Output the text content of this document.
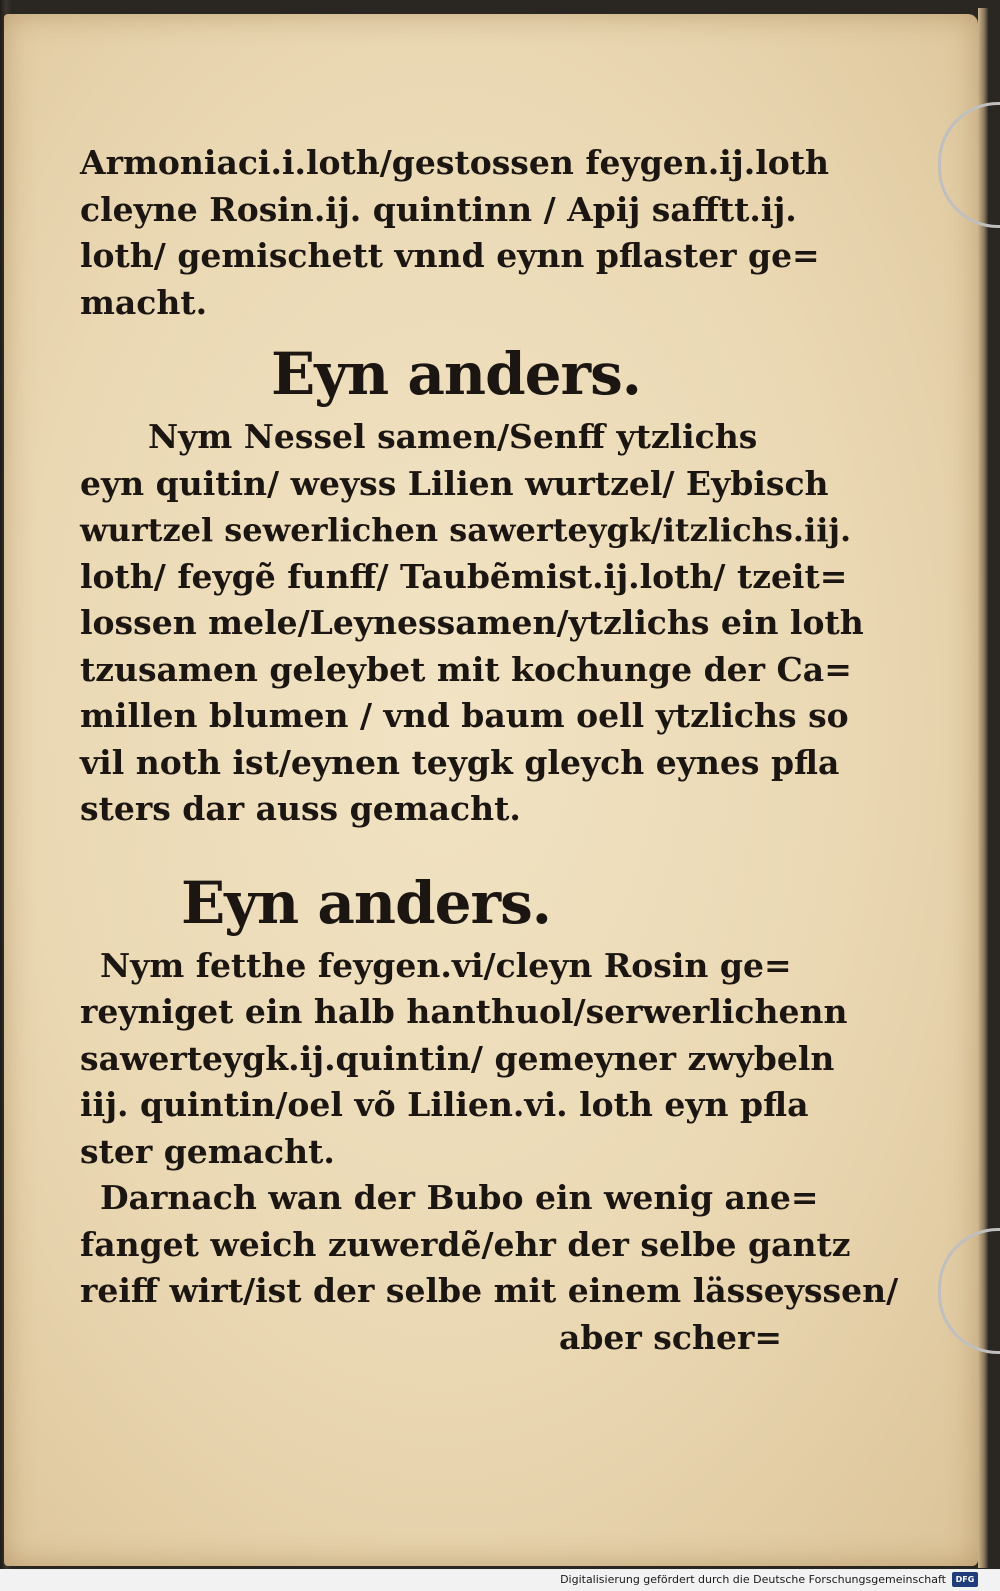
Armoniaci.i.loth/gestossen feygen.ij.loth
cleyne Rosin.ij. quintinn / Apij safftt.ij.
loth/ gemischett vnnd eynn pflaster ge=
macht.
Eyn anders.
Nym Nessel samen/Senff ytzlichs
eyn quitin/ weyss Lilien wurtzel/ Eybisch
wurtzel sewerlichen sawerteygk/itzlichs.iij.
loth/ feygẽ funff/ Taubẽmist.ij.loth/ tzeit=
lossen mele/Leynessamen/ytzlichs ein loth
tzusamen geleybet mit kochunge der Ca=
millen blumen / vnd baum oell ytzlichs so
vil noth ist/eynen teygk gleych eynes pfla
sters dar auss gemacht.
Eyn anders.
Nym fetthe feygen.vi/cleyn Rosin ge=
reyniget ein halb hanthuol/serwerlichenn
sawerteygk.ij.quintin/ gemeyner zwybeln
iij. quintin/oel võ Lilien.vi. loth eyn pfla
ster gemacht.
Darnach wan der Bubo ein wenig ane=
fanget weich zuwerdẽ/ehr der selbe gantz
reiff wirt/ist der selbe mit einem lässeyssen/
aber scher=
Digitalisierung gefördert durch die Deutsche Forschungsgemeinschaft	DFG
